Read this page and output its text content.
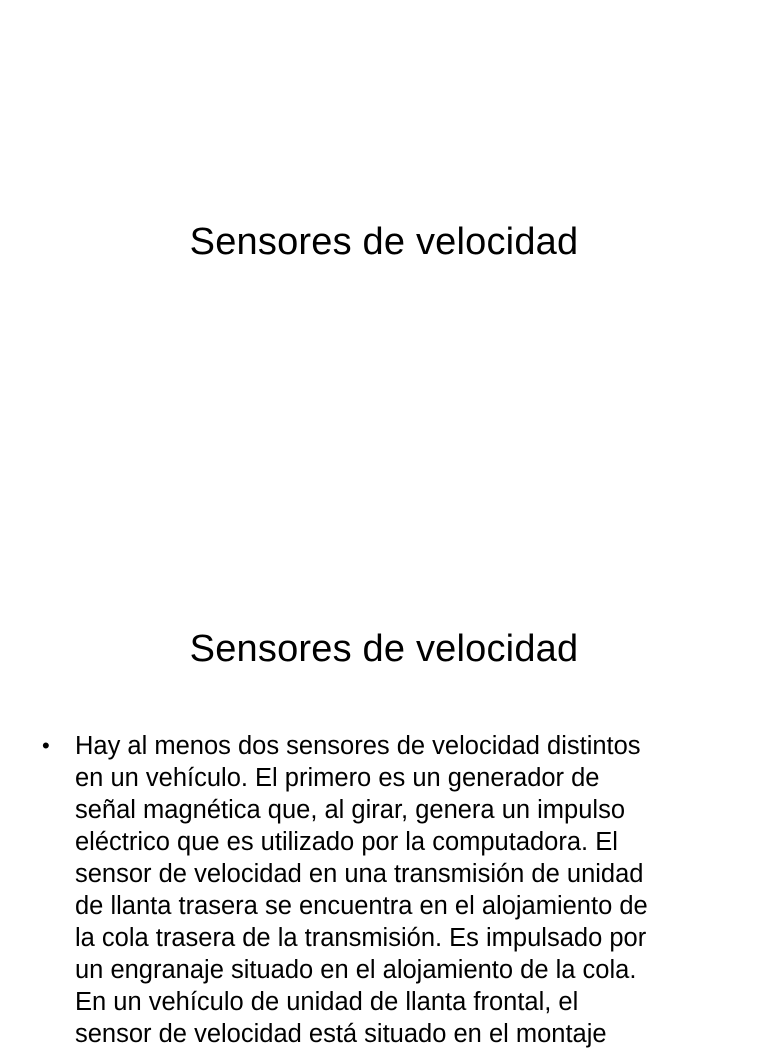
Sensores de velocidad
Sensores de velocidad
• Hay al menos dos sensores de velocidad distintos
en un vehículo. El primero es un generador de
señal magnética que, al girar, genera un impulso
eléctrico que es utilizado por la computadora. El
sensor de velocidad en una transmisión de unidad
de llanta trasera se encuentra en el alojamiento de
la cola trasera de la transmisión. Es impulsado por
un engranaje situado en el alojamiento de la cola.
En un vehículo de unidad de llanta frontal, el
sensor de velocidad está situado en el montaje
